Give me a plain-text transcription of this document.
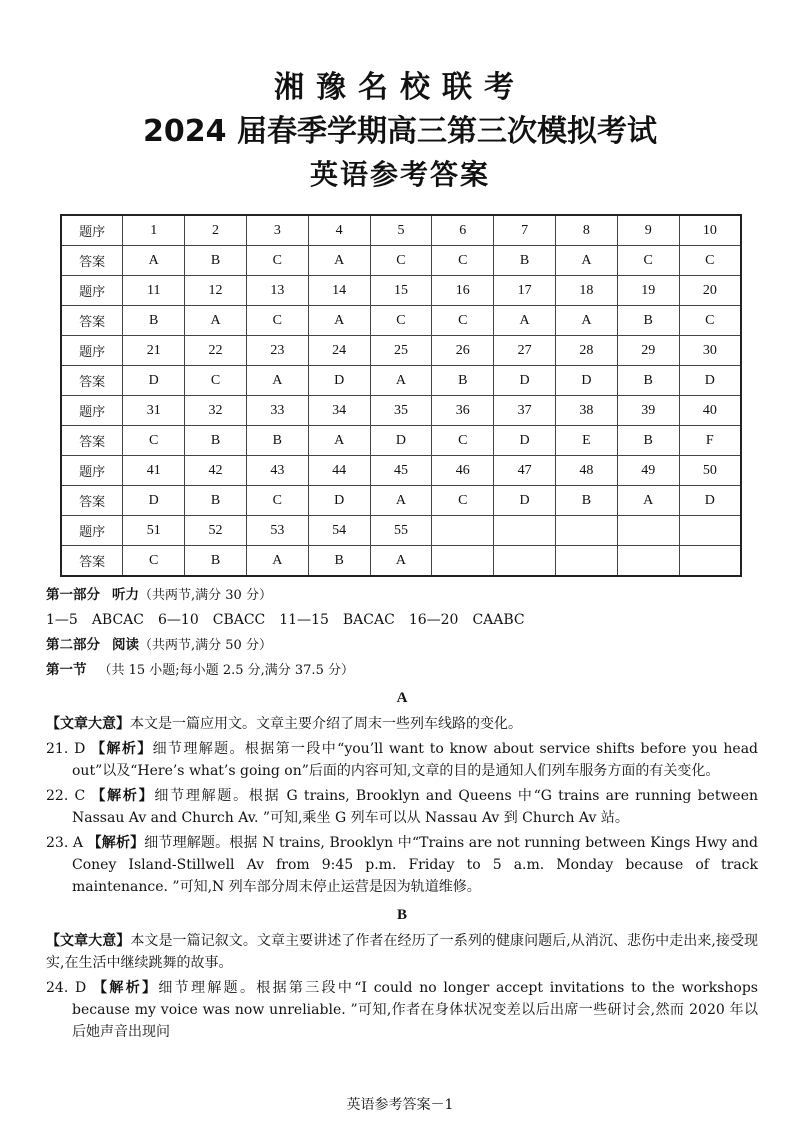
湘豫名校联考
2024 届春季学期高三第三次模拟考试
英语参考答案
题序	1	2	3	4	5	6	7	8	9	10
答案	A	B	C	A	C	C	B	A	C	C
题序	11	12	13	14	15	16	17	18	19	20
答案	B	A	C	A	C	C	A	A	B	C
题序	21	22	23	24	25	26	27	28	29	30
答案	D	C	A	D	A	B	D	D	B	D
题序	31	32	33	34	35	36	37	38	39	40
答案	C	B	B	A	D	C	D	E	B	F
题序	41	42	43	44	45	46	47	48	49	50
答案	D	B	C	D	A	C	D	B	A	D
题序	51	52	53	54	55					
答案	C	B	A	B	A					
第一部分 听力（共两节,满分 30 分）
1—5　ABCAC　6—10　CBACC　11—15　BACAC　16—20　CAABC
第二部分 阅读（共两节,满分 50 分）
第一节 （共 15 小题;每小题 2.5 分,满分 37.5 分）
A

【文章大意】本文是一篇应用文。文章主要介绍了周末一些列车线路的变化。

21. D 【解析】细节理解题。根据第一段中“you’ll want to know about service shifts before you head out”以及“Here’s what’s going on”后面的内容可知,文章的目的是通知人们列车服务方面的有关变化。

22. C 【解析】细节理解题。根据 G trains, Brooklyn and Queens 中“G trains are running between Nassau Av and Church Av. ”可知,乘坐 G 列车可以从 Nassau Av 到 Church Av 站。

23. A 【解析】细节理解题。根据 N trains, Brooklyn 中“Trains are not running between Kings Hwy and Coney Island-Stillwell Av from 9:45 p.m. Friday to 5 a.m. Monday because of track maintenance. ”可知,N 列车部分周末停止运营是因为轨道维修。

B

【文章大意】本文是一篇记叙文。文章主要讲述了作者在经历了一系列的健康问题后,从消沉、悲伤中走出来,接受现实,在生活中继续跳舞的故事。

24. D 【解析】细节理解题。根据第三段中“I could no longer accept invitations to the workshops because my voice was now unreliable. ”可知,作者在身体状况变差以后出席一些研讨会,然而 2020 年以后她声音出现问

英语参考答案－1
